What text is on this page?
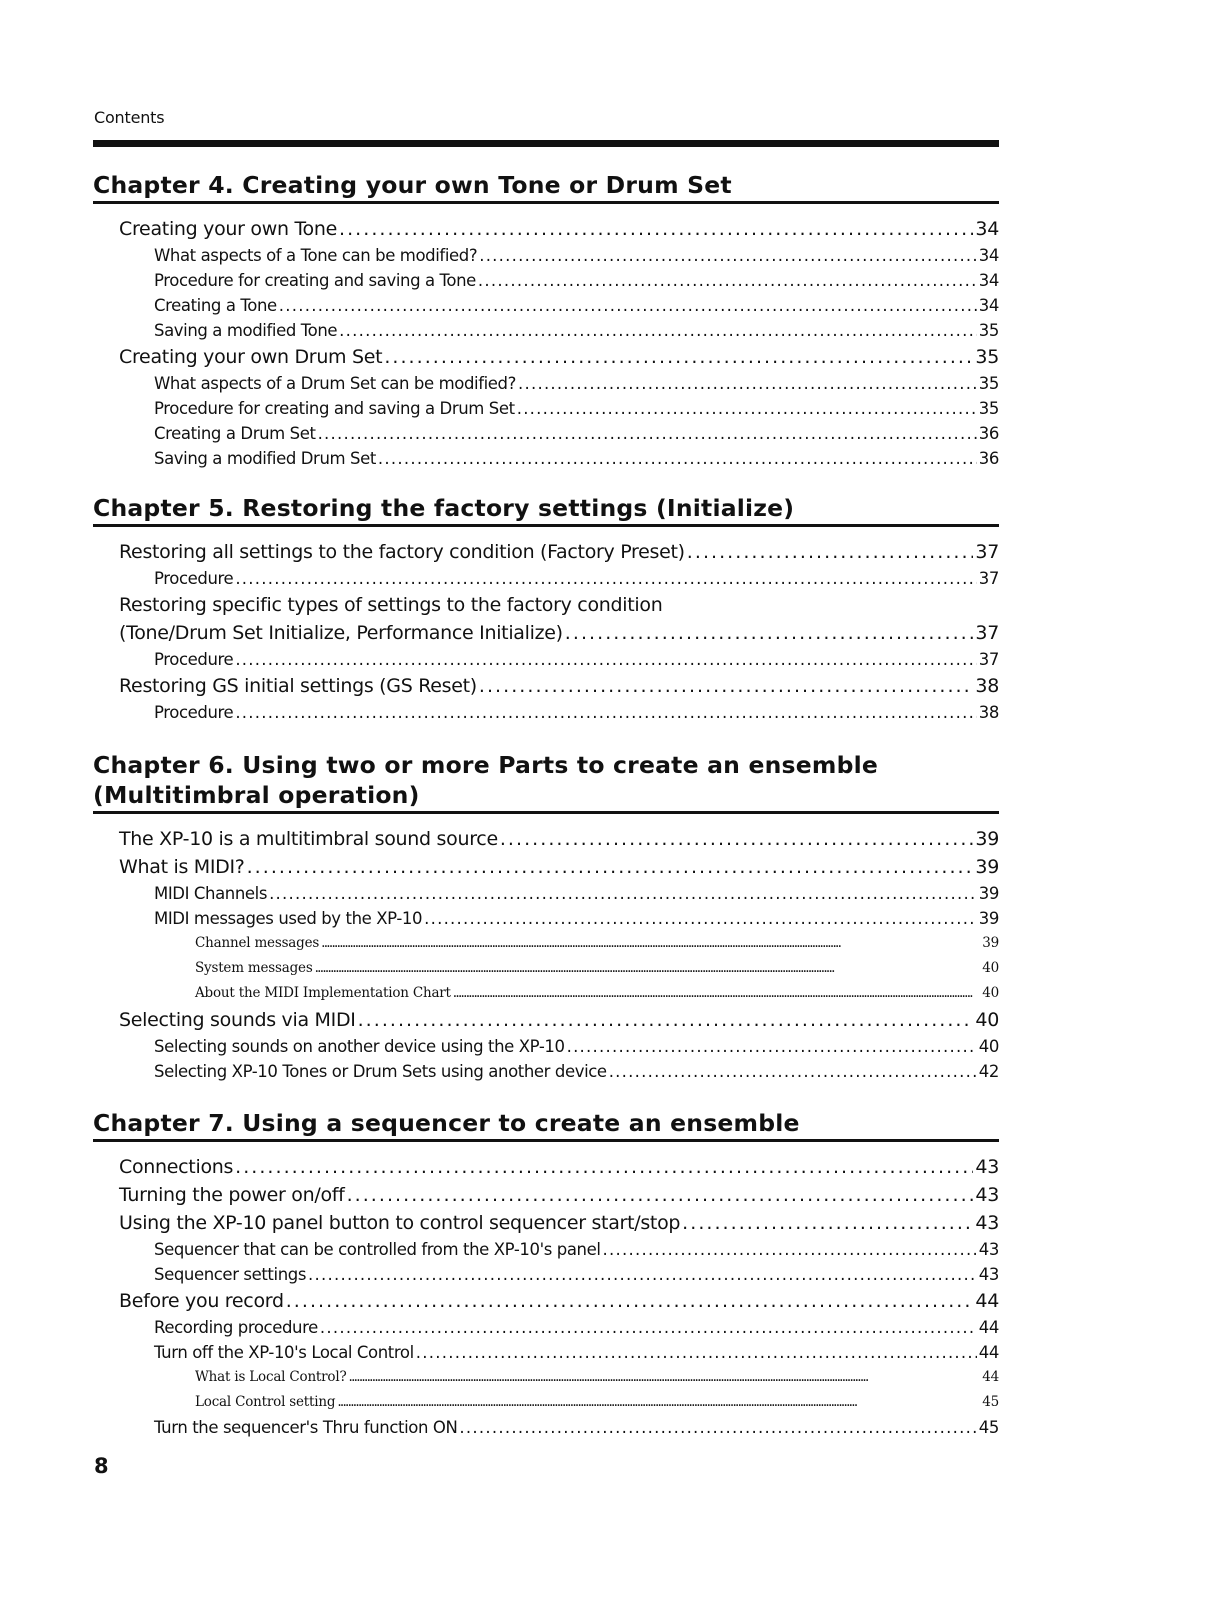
Contents
Chapter 4. Creating your own Tone or Drum Set
Creating your own Tone . . .	34
What aspects of a Tone can be modified? . . .	34
Procedure for creating and saving a Tone . . .	34
Creating a Tone . . .	34
Saving a modified Tone . . .	35
Creating your own Drum Set . . .	35
What aspects of a Drum Set can be modified? . . .	35
Procedure for creating and saving a Drum Set . . .	35
Creating a Drum Set . . .	36
Saving a modified Drum Set . . .	36
Chapter 5. Restoring the factory settings (Initialize)
Restoring all settings to the factory condition (Factory Preset) . . .	37
Procedure . . .	37
Restoring specific types of settings to the factory condition
(Tone/Drum Set Initialize, Performance Initialize) . . .	37
Procedure . . .	37
Restoring GS initial settings (GS Reset) . . .	38
Procedure . . .	38
Chapter 6. Using two or more Parts to create an ensemble
(Multitimbral operation)
The XP-10 is a multitimbral sound source . . .	39
What is MIDI? . . .	39
MIDI Channels . . .	39
MIDI messages used by the XP-10 . . .	39
Channel messages . . .	39
System messages . . .	40
About the MIDI Implementation Chart . . .	40
Selecting sounds via MIDI . . .	40
Selecting sounds on another device using the XP-10 . . .	40
Selecting XP-10 Tones or Drum Sets using another device . . .	42
Chapter 7. Using a sequencer to create an ensemble
Connections . . .	43
Turning the power on/off . . .	43
Using the XP-10 panel button to control sequencer start/stop . . .	43
Sequencer that can be controlled from the XP-10's panel . . .	43
Sequencer settings . . .	43
Before you record . . .	44
Recording procedure . . .	44
Turn off the XP-10's Local Control . . .	44
What is Local Control? . . .	44
Local Control setting . . .	45
Turn the sequencer's Thru function ON . . .	45
8
